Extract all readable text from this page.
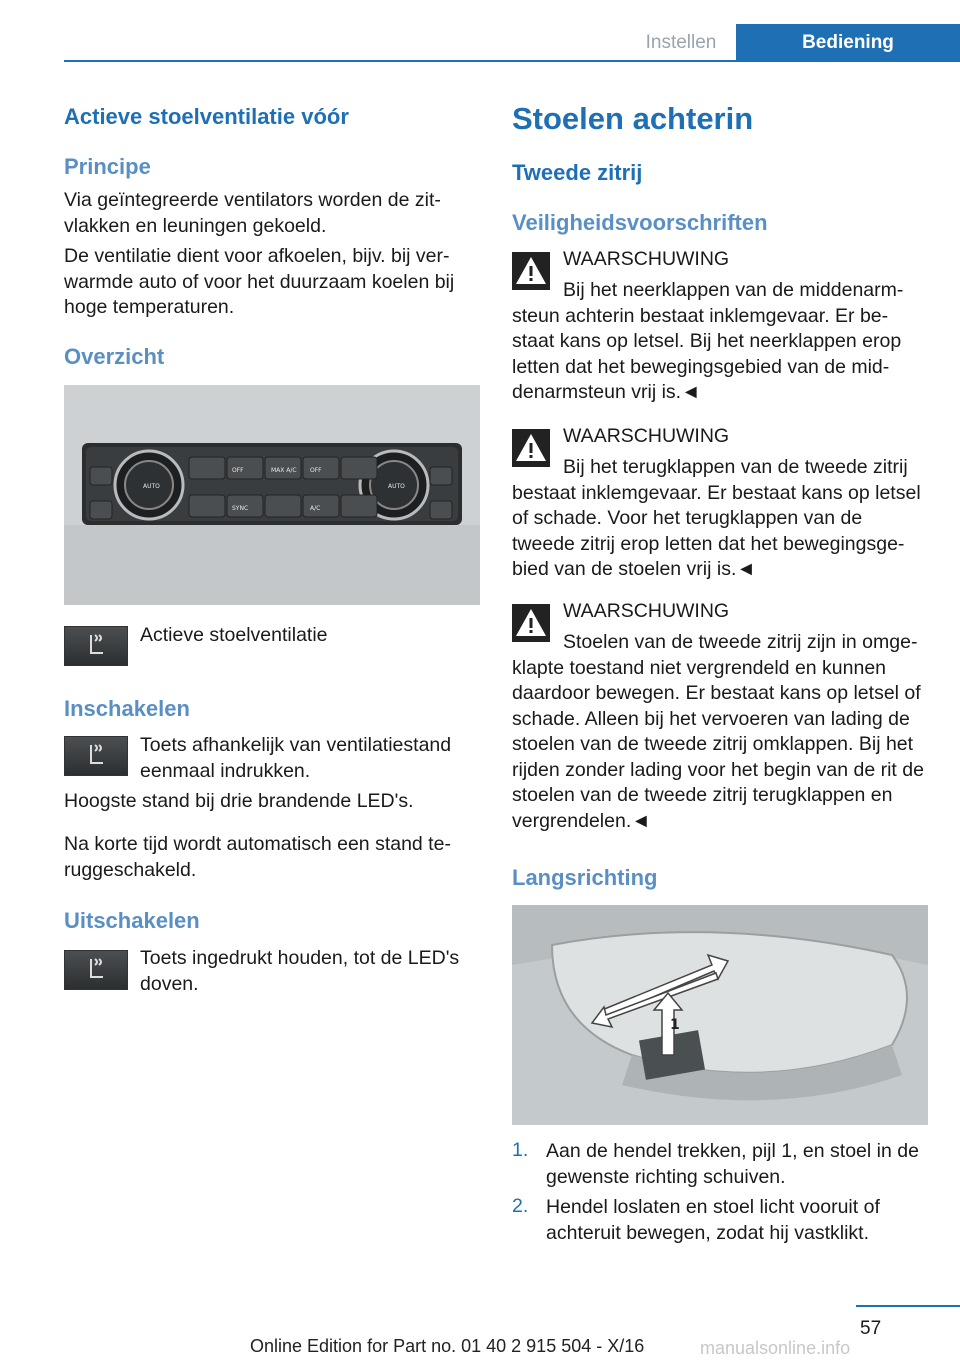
Instellen	Bediening
Actieve stoelventilatie vóór
Principe

Via geïntegreerde ventilators worden de zit- vlakken en leuningen gekoeld.

De ventilatie dient voor afkoelen, bijv. bij ver- warmde auto of voor het duurzaam koelen bij hoge temperaturen.

Overzicht
AUTO
OFF	MAX A/C OFF
AUTO
SYNC	A/C
Actieve stoelventilatie
Inschakelen

Toets afhankelijk van ventilatiestand eenmaal indrukken.

Hoogste stand bij drie brandende LED's.

Na korte tijd wordt automatisch een stand te- ruggeschakeld.

Uitschakelen

Toets ingedrukt houden, tot de LED's doven.

Stoelen achterin
Tweede zitrij
Veiligheidsvoorschriften
WAARSCHUWING
Bij het neerklappen van de middenarm- steun achterin bestaat inklemgevaar. Er be- staat kans op letsel. Bij het neerklappen erop letten dat het bewegingsgebied van de mid- denarmsteun vrij is.◄
WAARSCHUWING
Bij het terugklappen van de tweede zitrij bestaat inklemgevaar. Er bestaat kans op letsel of schade. Voor het terugklappen van de tweede zitrij erop letten dat het bewegingsge- bied van de stoelen vrij is.◄
WAARSCHUWING
Stoelen van de tweede zitrij zijn in omge- klapte toestand niet vergrendeld en kunnen daardoor bewegen. Er bestaat kans op letsel of schade. Alleen bij het vervoeren van lading de stoelen van de tweede zitrij omklappen. Bij het rijden zonder lading voor het begin van de rit de stoelen van de tweede zitrij terugklappen en vergrendelen.◄
Langsrichting
1
1. Aan de hendel trekken, pijl 1, en stoel in de gewenste richting schuiven.

2. Hendel loslaten en stoel licht vooruit of achteruit bewegen, zodat hij vastklikt.

57
Online Edition for Part no. 01 40 2 915 504 - X/16	manualsonline.info
